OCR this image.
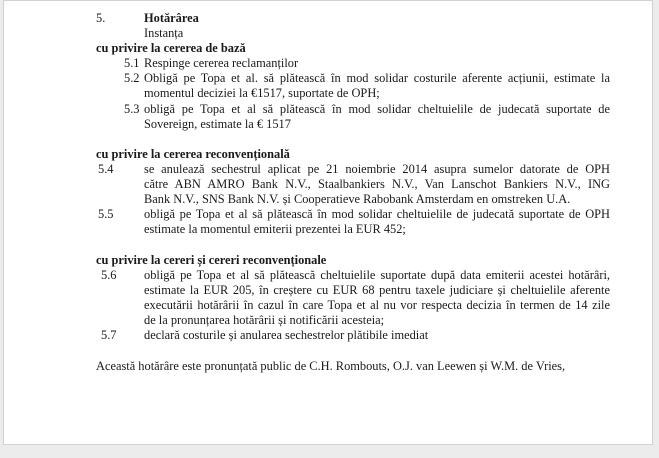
5.	Hotărârea
Instanța
cu privire la cererea de bază
5.1 Respinge cererea reclamanților
5.2 Obligă pe Topa et al. să plătească în mod solidar costurile aferente acțiunii, estimate la
momentul deciziei la €1517, suportate de OPH;
5.3 obligă pe Topa et al să plătească în mod solidar cheltuielile de judecată suportate de
Sovereign, estimate la € 1517
cu privire la cererea reconvențională
5.4 se anulează sechestrul aplicat pe 21 noiembrie 2014 asupra sumelor datorate de OPH
către ABN AMRO Bank N.V., Staalbankiers N.V., Van Lanschot Bankiers N.V., ING
Bank N.V., SNS Bank N.V. și Cooperatieve Rabobank Amsterdam en omstreken U.A.
5.5 obligă pe Topa et al să plătească în mod solidar cheltuielile de judecată suportate de OPH
estimate la momentul emiterii prezentei la EUR 452;
cu privire la cereri și cereri reconvenționale
5.6 obligă pe Topa et al să plătească cheltuielile suportate după data emiterii acestei hotărâri,
estimate la EUR 205, în creștere cu EUR 68 pentru taxele judiciare și cheltuielile aferente
executării hotărârii în cazul în care Topa et al nu vor respecta decizia în termen de 14 zile
de la pronunțarea hotărârii și notificării acesteia;
5.7 declară costurile și anularea sechestrelor plătibile imediat
Această hotărâre este pronunțată public de C.H. Rombouts, O.J. van Leewen și W.M. de Vries,
